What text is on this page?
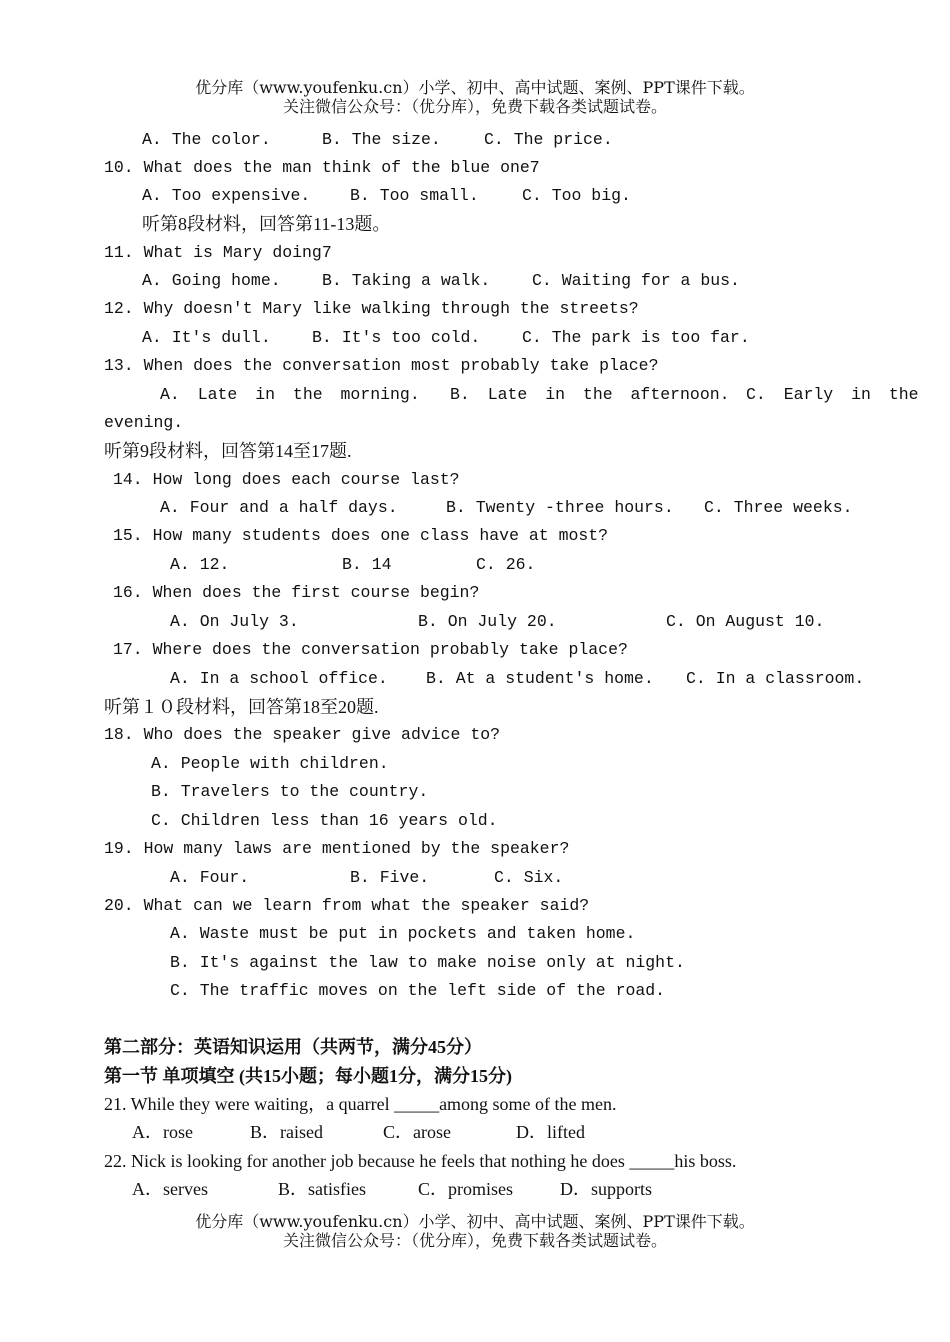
优分库（www.youfenku.cn）小学、初中、高中试题、案例、PPT课件下载。
关注微信公众号：（优分库），免费下载各类试题试卷。
A. The color.	B. The size.	C. The price.
10. What does the man think of the blue one7
A. Too expensive. B. Too small.	C. Too big.
听第8段材料，回答第11-13题。
11. What is Mary doing7
A. Going home.	B. Taking a walk.	C. Waiting for a bus.
12. Why doesn't Mary like walking through the streets?
A. It's dull.	B. It's too cold.	C. The park is too far.
13. When does the conversation most probably take place?
A. Late in the morning. B. Late in the afternoon. C. Early in the
evening.
听第9段材料，回答第14至17题.
14. How long does each course last?
A. Four and a half days.	B. Twenty -three hours. C. Three weeks.
15. How many students does one class have at most?
A. 12.	B. 14	C. 26.
16. When does the first course begin?
A. On July 3.	B. On July 20.	C. On August 10.
17. Where does the conversation probably take place?
A. In a school office. B. At a student's home. C. In a classroom.
听第１０段材料，回答第18至20题.
18. Who does the speaker give advice to?
A. People with children.
B. Travelers to the country.
C. Children less than 16 years old.
19. How many laws are mentioned by the speaker?
A. Four.	B. Five.	C. Six.
20. What can we learn from what the speaker said?
A. Waste must be put in pockets and taken home.
B. It's against the law to make noise only at night.
C. The traffic moves on the left side of the road.
第二部分：英语知识运用（共两节，满分45分）
第一节 单项填空 (共15小题；每小题1分，满分15分)
21. While they were waiting，a quarrel _____among some of the men.
A．rose	B．raised	C．arose	D．lifted
22. Nick is looking for another job because he feels that nothing he does _____his boss.
A．serves	B．satisfies	C．promises	D．supports
优分库（www.youfenku.cn）小学、初中、高中试题、案例、PPT课件下载。
关注微信公众号：（优分库），免费下载各类试题试卷。
